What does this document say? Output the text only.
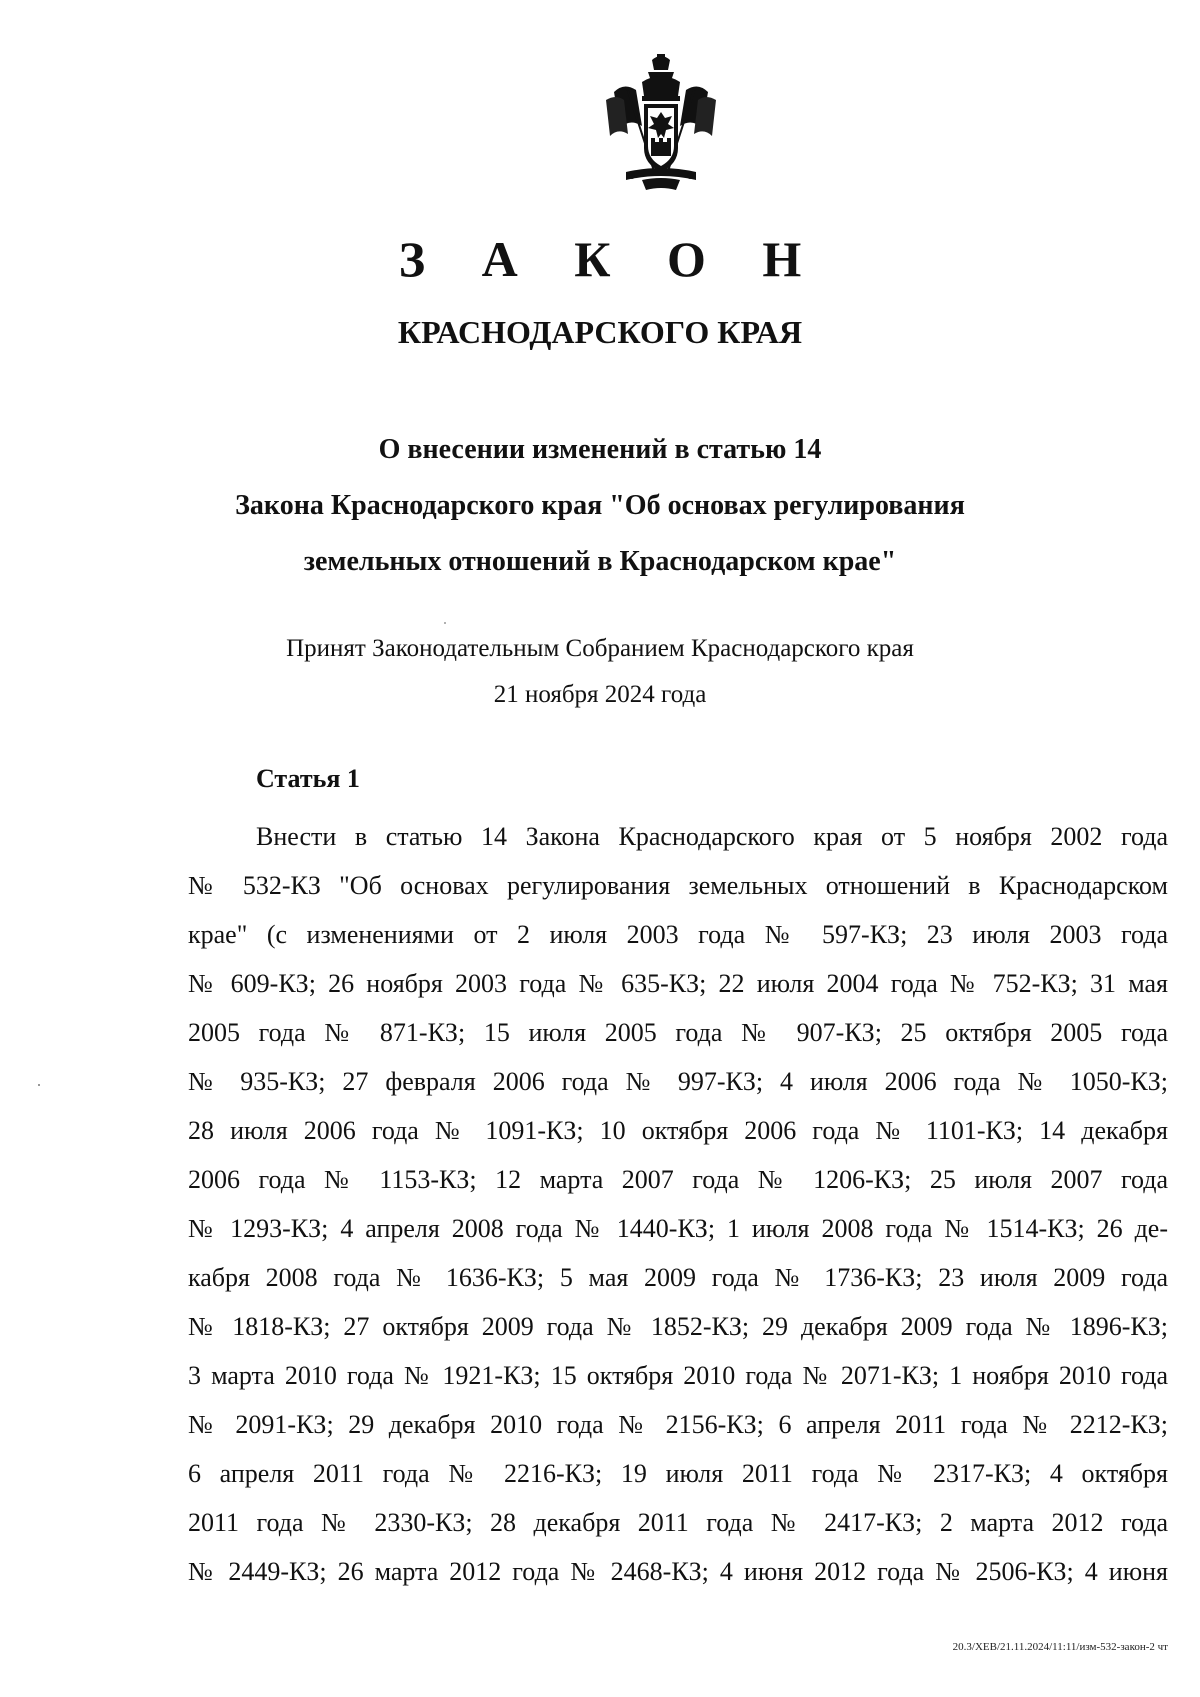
З А К О Н
КРАСНОДАРСКОГО КРАЯ
О внесении изменений в статью 14
Закона Краснодарского края "Об основах регулирования
земельных отношений в Краснодарском крае"
Принят Законодательным Собранием Краснодарского края
21 ноября 2024 года
Статья 1
Внести в статью 14 Закона Краснодарского края от 5 ноября 2002 года
№ 532-КЗ "Об основах регулирования земельных отношений в Краснодарском
крае" (с изменениями от 2 июля 2003 года № 597-КЗ; 23 июля 2003 года
№ 609-КЗ; 26 ноября 2003 года № 635-КЗ; 22 июля 2004 года № 752-КЗ; 31 мая
2005 года № 871-КЗ; 15 июля 2005 года № 907-КЗ; 25 октября 2005 года
№ 935-КЗ; 27 февраля 2006 года № 997-КЗ; 4 июля 2006 года № 1050-КЗ;
28 июля 2006 года № 1091-КЗ; 10 октября 2006 года № 1101-КЗ; 14 декабря
2006 года № 1153-КЗ; 12 марта 2007 года № 1206-КЗ; 25 июля 2007 года
№ 1293-КЗ; 4 апреля 2008 года № 1440-КЗ; 1 июля 2008 года № 1514-КЗ; 26 де-
кабря 2008 года № 1636-КЗ; 5 мая 2009 года № 1736-КЗ; 23 июля 2009 года
№ 1818-КЗ; 27 октября 2009 года № 1852-КЗ; 29 декабря 2009 года № 1896-КЗ;
3 марта 2010 года № 1921-КЗ; 15 октября 2010 года № 2071-КЗ; 1 ноября 2010 года
№ 2091-КЗ; 29 декабря 2010 года № 2156-КЗ; 6 апреля 2011 года № 2212-КЗ;
6 апреля 2011 года № 2216-КЗ; 19 июля 2011 года № 2317-КЗ; 4 октября
2011 года № 2330-КЗ; 28 декабря 2011 года № 2417-КЗ; 2 марта 2012 года
№ 2449-КЗ; 26 марта 2012 года № 2468-КЗ; 4 июня 2012 года № 2506-КЗ; 4 июня
20.3/ХЕВ/21.11.2024/11:11/изм-532-закон-2 чт
